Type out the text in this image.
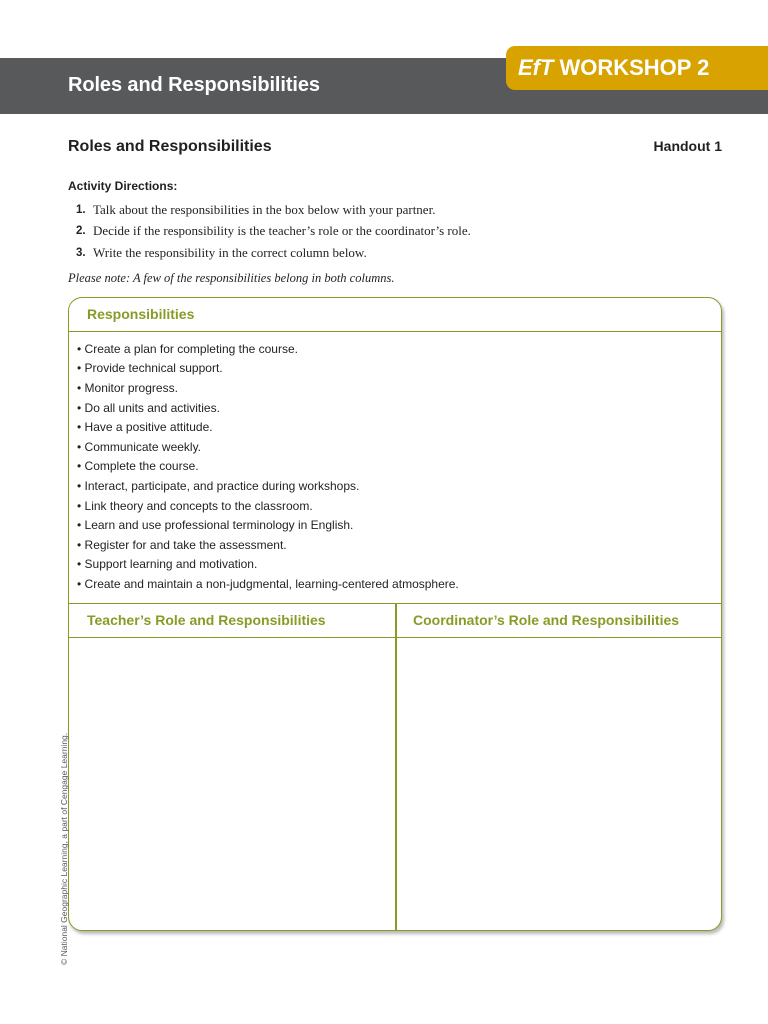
Roles and Responsibilities
EfT WORKSHOP 2
Roles and Responsibilities	Handout 1
Activity Directions:
1. Talk about the responsibilities in the box below with your partner.
2. Decide if the responsibility is the teacher’s role or the coordinator’s role.
3. Write the responsibility in the correct column below.
Please note: A few of the responsibilities belong in both columns.
Responsibilities
• Create a plan for completing the course.
• Provide technical support.
• Monitor progress.
• Do all units and activities.
• Have a positive attitude.
• Communicate weekly.
• Complete the course.
• Interact, participate, and practice during workshops.
• Link theory and concepts to the classroom.
• Learn and use professional terminology in English.
• Register for and take the assessment.
• Support learning and motivation.
• Create and maintain a non-judgmental, learning-centered atmosphere.
Teacher’s Role and Responsibilities	Coordinator’s Role and Responsibilities
© National Geographic Learning, a part of Cengage Learning.
